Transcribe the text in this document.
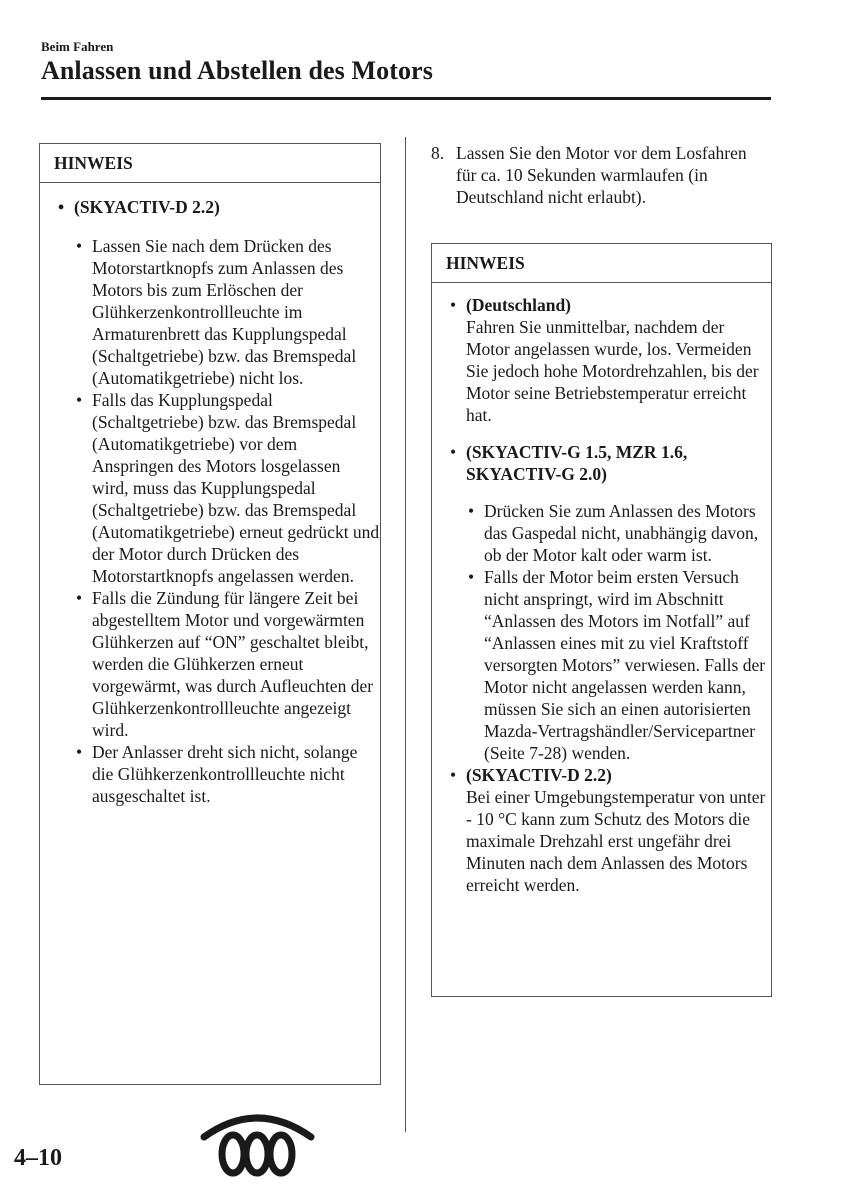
Beim Fahren
Anlassen und Abstellen des Motors
HINWEIS
• (SKYACTIV-D 2.2)
• Lassen Sie nach dem Drücken des Motorstartknopfs zum Anlassen des Motors bis zum Erlöschen der Glühkerzenkontrollleuchte im Armaturenbrett das Kupplungspedal (Schaltgetriebe) bzw. das Bremspedal (Automatikgetriebe) nicht los.

• Falls das Kupplungspedal (Schaltgetriebe) bzw. das Bremspedal (Automatikgetriebe) vor dem Anspringen des Motors losgelassen wird, muss das Kupplungspedal (Schaltgetriebe) bzw. das Bremspedal (Automatikgetriebe) erneut gedrückt und der Motor durch Drücken des Motorstartknopfs angelassen werden.

• Falls die Zündung für längere Zeit bei abgestelltem Motor und vorgewärmten Glühkerzen auf “ON” geschaltet bleibt, werden die Glühkerzen erneut vorgewärmt, was durch Aufleuchten der Glühkerzenkontrollleuchte angezeigt wird.

• Der Anlasser dreht sich nicht, solange die Glühkerzenkontrollleuchte nicht ausgeschaltet ist.

8. Lassen Sie den Motor vor dem Losfahren für ca. 10 Sekunden warmlaufen (in Deutschland nicht erlaubt).

HINWEIS
• (Deutschland)

Fahren Sie unmittelbar, nachdem der Motor angelassen wurde, los. Vermeiden Sie jedoch hohe Motordrehzahlen, bis der Motor seine Betriebstemperatur erreicht hat.

• (SKYACTIV-G 1.5, MZR 1.6, SKYACTIV-G 2.0)

• Drücken Sie zum Anlassen des Motors das Gaspedal nicht, unabhängig davon, ob der Motor kalt oder warm ist.

• Falls der Motor beim ersten Versuch nicht anspringt, wird im Abschnitt “Anlassen des Motors im Notfall” auf “Anlassen eines mit zu viel Kraftstoff versorgten Motors” verwiesen. Falls der Motor nicht angelassen werden kann, müssen Sie sich an einen autorisierten Mazda-Vertragshändler/Servicepartner (Seite 7-28) wenden.

• (SKYACTIV-D 2.2)

Bei einer Umgebungstemperatur von unter - 10 °C kann zum Schutz des Motors die maximale Drehzahl erst ungefähr drei Minuten nach dem Anlassen des Motors erreicht werden.

4–10
